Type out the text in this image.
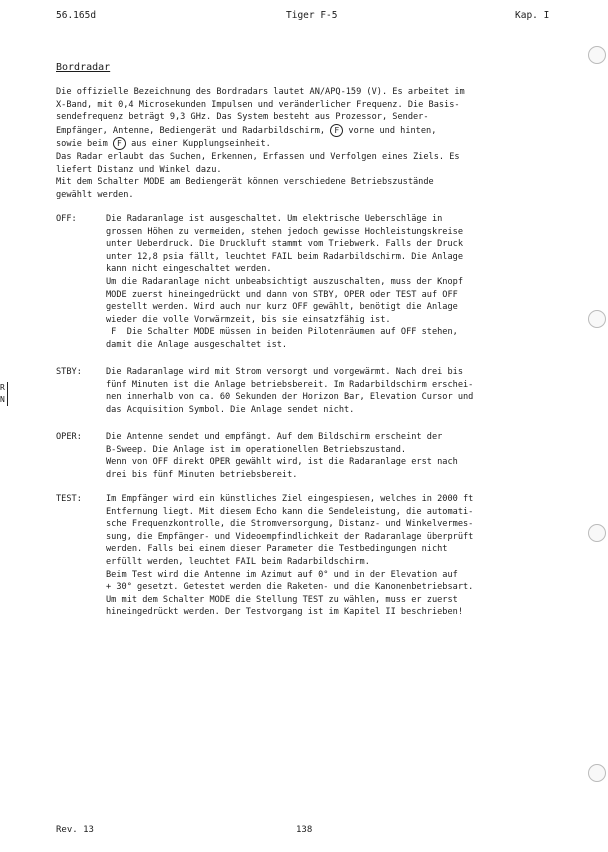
56.165d	Tiger F-5	Kap. I
R
N
Bordradar
Die offizielle Bezeichnung des Bordradars lautet AN/APQ-159 (V). Es arbeitet im
X-Band, mit 0,4 Microsekunden Impulsen und veränderlicher Frequenz. Die Basis-
sendefrequenz beträgt 9,3 GHz. Das System besteht aus Prozessor, Sender-
Empfänger, Antenne, Bediengerät und Radarbildschirm, F vorne und hinten,
sowie beim F aus einer Kupplungseinheit.
Das Radar erlaubt das Suchen, Erkennen, Erfassen und Verfolgen eines Ziels. Es
liefert Distanz und Winkel dazu.
Mit dem Schalter MODE am Bediengerät können verschiedene Betriebszustände
gewählt werden.
OFF:	Die Radaranlage ist ausgeschaltet. Um elektrische Ueberschläge in
grossen Höhen zu vermeiden, stehen jedoch gewisse Hochleistungskreise
unter Ueberdruck. Die Druckluft stammt vom Triebwerk. Falls der Druck
unter 12,8 psia fällt, leuchtet FAIL beim Radarbildschirm. Die Anlage
kann nicht eingeschaltet werden.
Um die Radaranlage nicht unbeabsichtigt auszuschalten, muss der Knopf
MODE zuerst hineingedrückt und dann von STBY, OPER oder TEST auf OFF
gestellt werden. Wird auch nur kurz OFF gewählt, benötigt die Anlage
wieder die volle Vorwärmzeit, bis sie einsatzfähig ist.
F  Die Schalter MODE müssen in beiden Pilotenräumen auf OFF stehen,
damit die Anlage ausgeschaltet ist.
STBY:	Die Radaranlage wird mit Strom versorgt und vorgewärmt. Nach drei bis
fünf Minuten ist die Anlage betriebsbereit. Im Radarbildschirm erschei-
nen innerhalb von ca. 60 Sekunden der Horizon Bar, Elevation Cursor und
das Acquisition Symbol. Die Anlage sendet nicht.
OPER:	Die Antenne sendet und empfängt. Auf dem Bildschirm erscheint der
B-Sweep. Die Anlage ist im operationellen Betriebszustand.
Wenn von OFF direkt OPER gewählt wird, ist die Radaranlage erst nach
drei bis fünf Minuten betriebsbereit.
TEST:	Im Empfänger wird ein künstliches Ziel eingespiesen, welches in 2000 ft
Entfernung liegt. Mit diesem Echo kann die Sendeleistung, die automati-
sche Frequenzkontrolle, die Stromversorgung, Distanz- und Winkelvermes-
sung, die Empfänger- und Videoempfindlichkeit der Radaranlage überprüft
werden. Falls bei einem dieser Parameter die Testbedingungen nicht
erfüllt werden, leuchtet FAIL beim Radarbildschirm.
Beim Test wird die Antenne im Azimut auf 0° und in der Elevation auf
+ 30° gesetzt. Getestet werden die Raketen- und die Kanonenbetriebsart.
Um mit dem Schalter MODE die Stellung TEST zu wählen, muss er zuerst
hineingedrückt werden. Der Testvorgang ist im Kapitel II beschrieben!
Rev. 13	138
